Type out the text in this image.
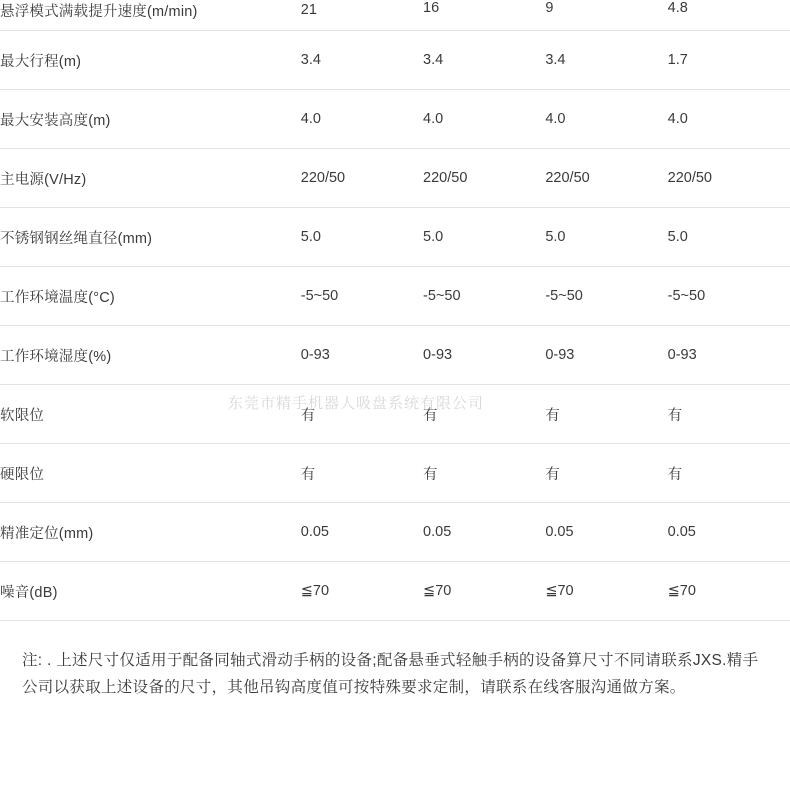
东莞市精手机器人吸盘系统有限公司
悬浮模式满载提升速度(m/min)	21	16	9	4.8
最大行程(m)	3.4	3.4	3.4	1.7
最大安装高度(m)	4.0	4.0	4.0	4.0
主电源(V/Hz)	220/50	220/50	220/50	220/50
不锈钢钢丝绳直径(mm)	5.0	5.0	5.0	5.0
工作环境温度(°C)	-5~50	-5~50	-5~50	-5~50
工作环境湿度(%)	0-93	0-93	0-93	0-93
软限位	有	有	有	有
硬限位	有	有	有	有
精准定位(mm)	0.05	0.05	0.05	0.05
噪音(dB)	≦70	≦70	≦70	≦70
注: . 上述尺寸仅适用于配备同轴式滑动手柄的设备;配备悬垂式轻触手柄的设备算尺寸不同请联系JXS.精手公司以获取上述设备的尺寸，其他吊钩高度值可按特殊要求定制，请联系在线客服沟通做方案。
